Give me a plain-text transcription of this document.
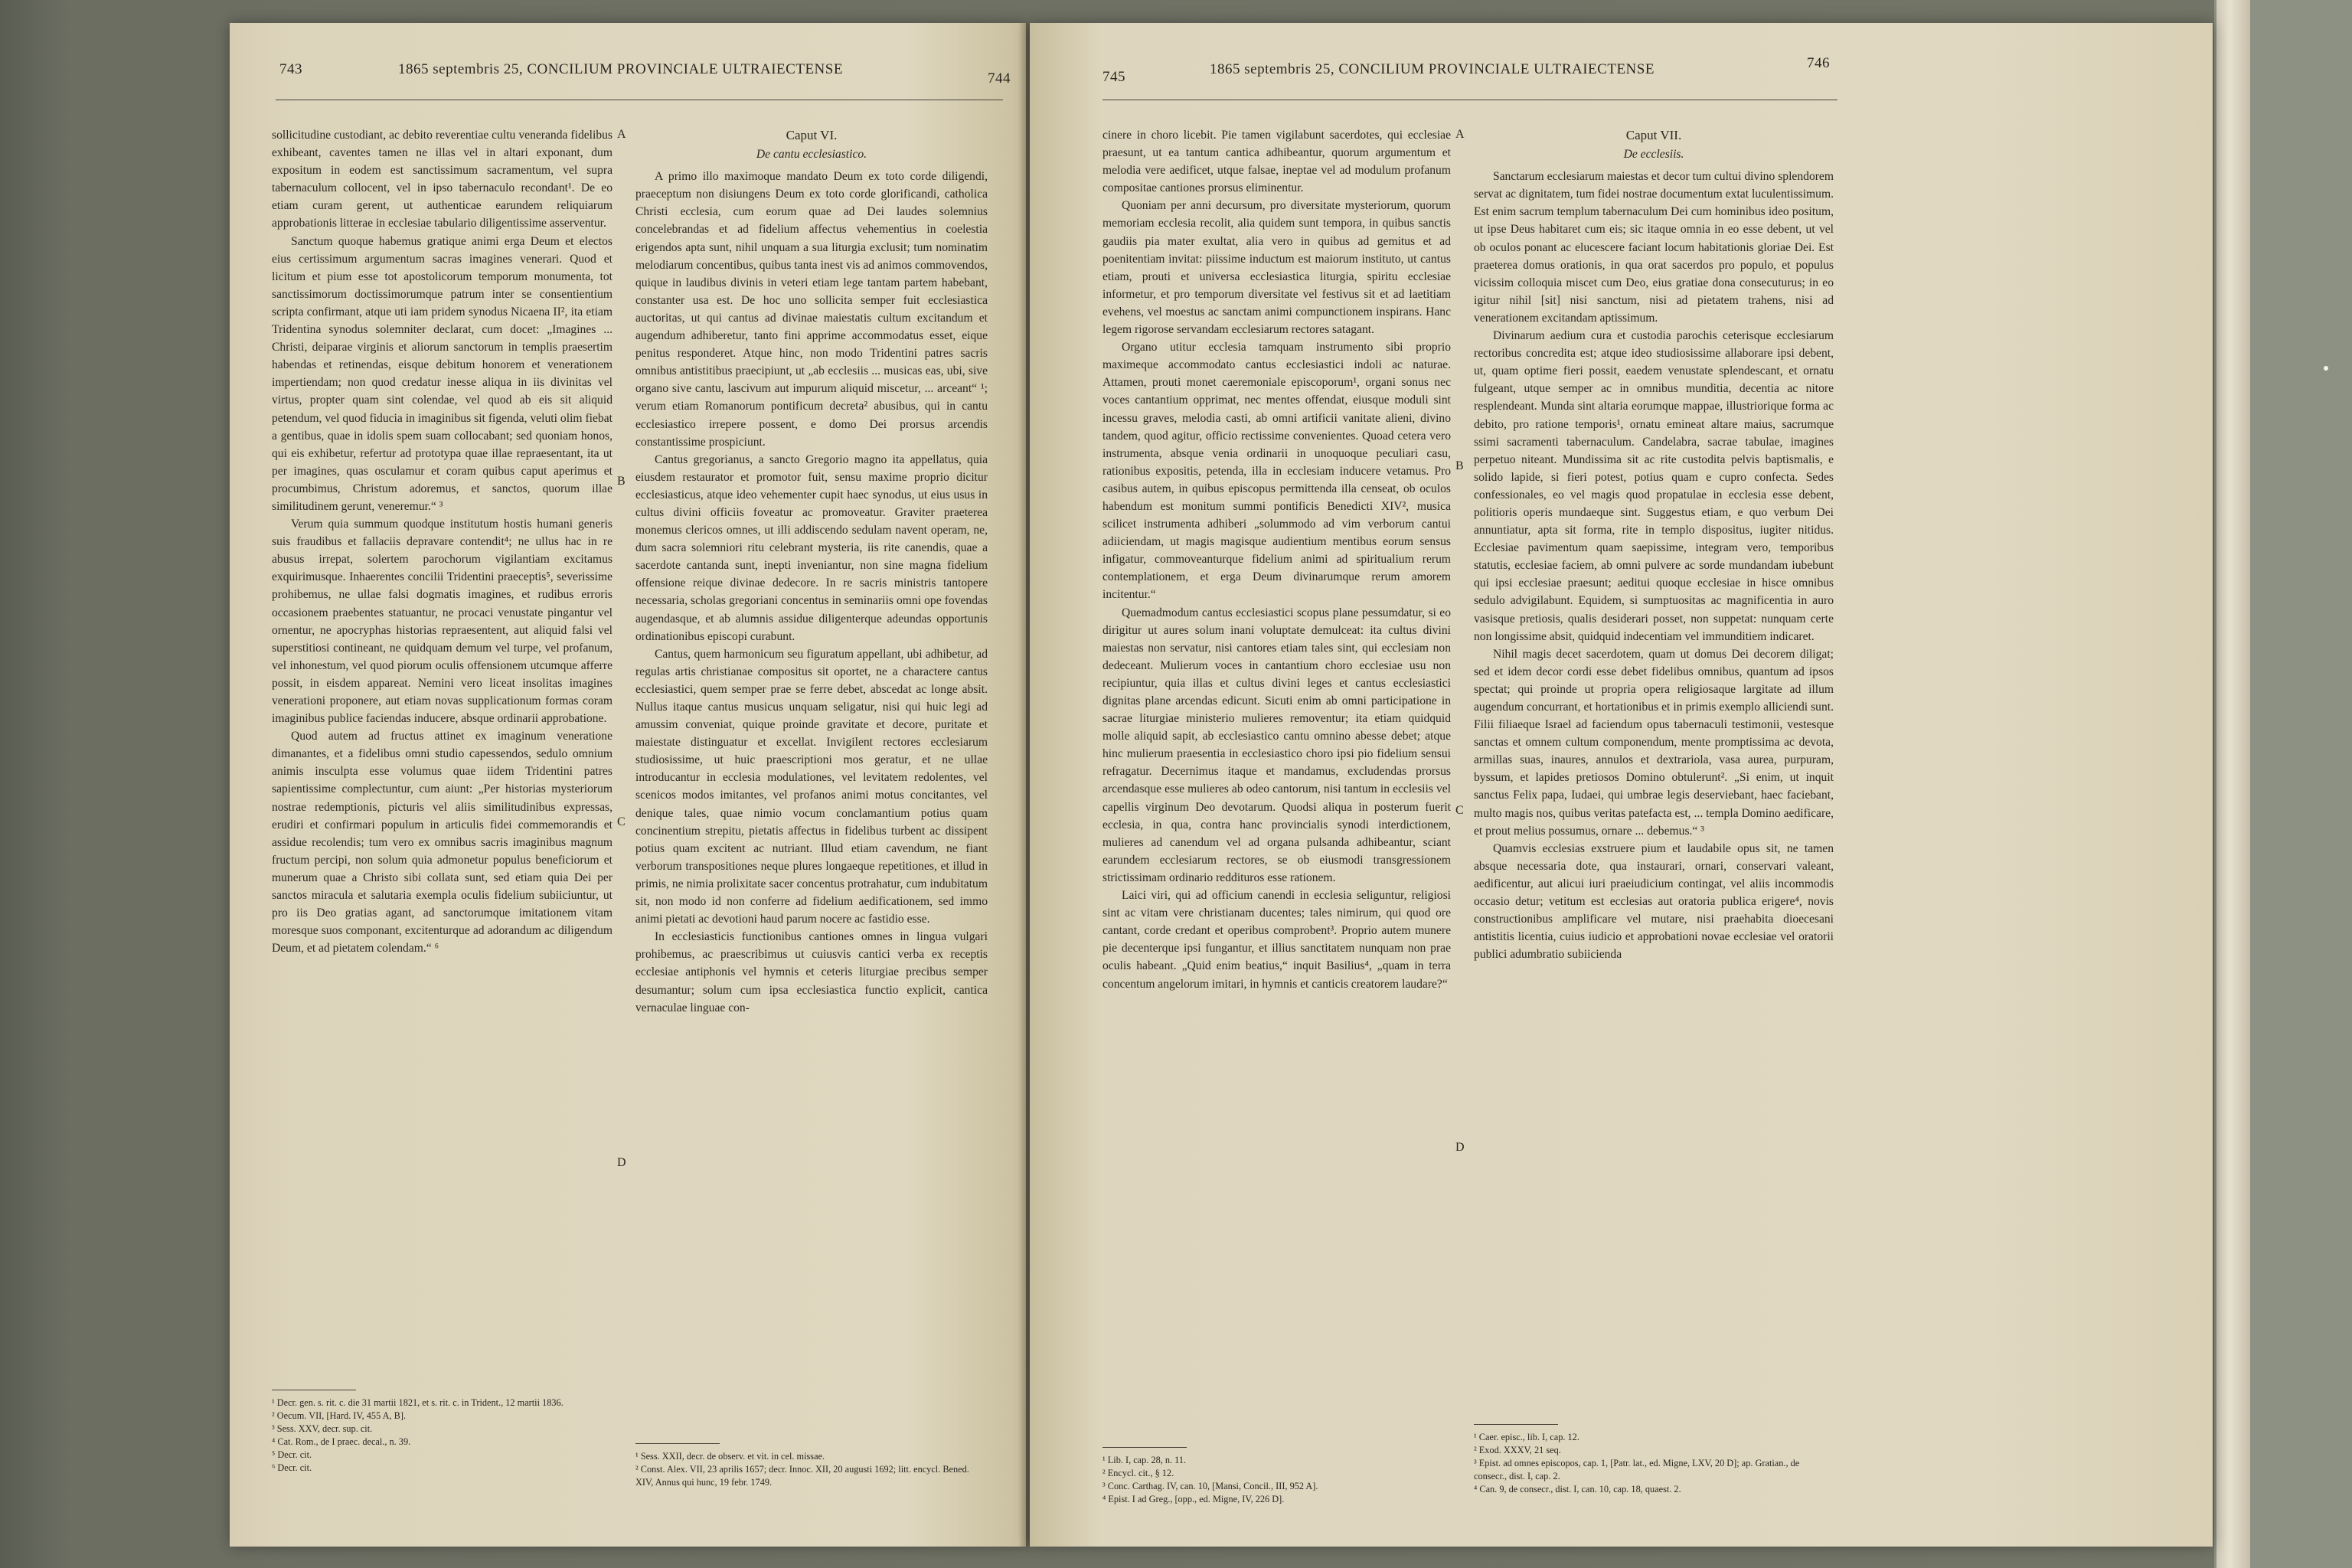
743	1865 septembris 25, CONCILIUM PROVINCIALE ULTRAIECTENSE
744

sollicitudine custodiant, ac debito reverentiae cultu veneranda fidelibus exhibeant, caventes tamen ne illas vel in altari exponant, dum expositum in eodem est sanctissimum sacramentum, vel supra tabernaculum collocent, vel in ipso tabernaculo recondant¹. De eo etiam curam gerent, ut authenticae earundem reliquiarum approbationis litterae in ecclesiae tabulario diligentissime asserventur.

Sanctum quoque habemus gratique animi erga Deum et electos eius certissimum argumentum sacras imagines venerari. Quod et licitum et pium esse tot apostolicorum temporum monumenta, tot sanctissimorum doctissimorumque patrum inter se consentientium scripta confirmant, atque uti iam pridem synodus Nicaena II², ita etiam Tridentina synodus solemniter declarat, cum docet: „Imagines ... Christi, deiparae virginis et aliorum sanctorum in templis praesertim habendas et retinendas, eisque debitum honorem et venerationem impertiendam; non quod credatur inesse aliqua in iis divinitas vel virtus, propter quam sint colendae, vel quod ab eis sit aliquid petendum, vel quod fiducia in imaginibus sit figenda, veluti olim fiebat a gentibus, quae in idolis spem suam collocabant; sed quoniam honos, qui eis exhibetur, refertur ad prototypa quae illae repraesentant, ita ut per imagines, quas osculamur et coram quibus caput aperimus et procumbimus, Christum adoremus, et sanctos, quorum illae similitudinem gerunt, veneremur.“ ³

Verum quia summum quodque institutum hostis humani generis suis fraudibus et fallaciis depravare contendit⁴; ne ullus hac in re abusus irrepat, solertem parochorum vigilantiam excitamus exquirimusque. Inhaerentes concilii Tridentini praeceptis⁵, severissime prohibemus, ne ullae falsi dogmatis imagines, et rudibus erroris occasionem praebentes statuantur, ne procaci venustate pingantur vel ornentur, ne apocryphas historias repraesentent, aut aliquid falsi vel superstitiosi contineant, ne quidquam demum vel turpe, vel profanum, vel inhonestum, vel quod piorum oculis offensionem utcumque afferre possit, in eisdem appareat. Nemini vero liceat insolitas imagines venerationi proponere, aut etiam novas supplicationum formas coram imaginibus publice faciendas inducere, absque ordinarii approbatione.

Quod autem ad fructus attinet ex imaginum veneratione dimanantes, et a fidelibus omni studio capessendos, sedulo omnium animis insculpta esse volumus quae iidem Tridentini patres sapientissime complectuntur, cum aiunt: „Per historias mysteriorum nostrae redemptionis, picturis vel aliis similitudinibus expressas, erudiri et confirmari populum in articulis fidei commemorandis et assidue recolendis; tum vero ex omnibus sacris imaginibus magnum fructum percipi, non solum quia admonetur populus beneficiorum et munerum quae a Christo sibi collata sunt, sed etiam quia Dei per sanctos miracula et salutaria exempla oculis fidelium subiiciuntur, ut pro iis Deo gratias agant, ad sanctorumque imitationem vitam moresque suos componant, excitenturque ad adorandum ac diligendum Deum, et ad pietatem colendam.“ ⁶

¹ Decr. gen. s. rit. c. die 31 martii 1821, et s. rit. c. in Trident., 12 martii 1836.
² Oecum. VII, [Hard. IV, 455 A, B].
³ Sess. XXV, decr. sup. cit.
⁴ Cat. Rom., de I praec. decal., n. 39.
⁵ Decr. cit.
⁶ Decr. cit.
A
B
C
D

Caput VI.

De cantu ecclesiastico.

A primo illo maximoque mandato Deum ex toto corde diligendi, praeceptum non disiungens Deum ex toto corde glorificandi, catholica Christi ecclesia, cum eorum quae ad Dei laudes solemnius concelebrandas et ad fidelium affectus vehementius in coelestia erigendos apta sunt, nihil unquam a sua liturgia exclusit; tum nominatim melodiarum concentibus, quibus tanta inest vis ad animos commovendos, quique in laudibus divinis in veteri etiam lege tantam partem habebant, constanter usa est. De hoc uno sollicita semper fuit ecclesiastica auctoritas, ut qui cantus ad divinae maiestatis cultum excitandum et augendum adhiberetur, tanto fini apprime accommodatus esset, eique penitus responderet. Atque hinc, non modo Tridentini patres sacris omnibus antistitibus praecipiunt, ut „ab ecclesiis ... musicas eas, ubi, sive organo sive cantu, lascivum aut impurum aliquid miscetur, ... arceant“ ¹; verum etiam Romanorum pontificum decreta² abusibus, qui in cantu ecclesiastico irrepere possent, e domo Dei prorsus arcendis constantissime prospiciunt.

Cantus gregorianus, a sancto Gregorio magno ita appellatus, quia eiusdem restaurator et promotor fuit, sensu maxime proprio dicitur ecclesiasticus, atque ideo vehementer cupit haec synodus, ut eius usus in cultus divini officiis foveatur ac promoveatur. Graviter praeterea monemus clericos omnes, ut illi addiscendo sedulam navent operam, ne, dum sacra solemniori ritu celebrant mysteria, iis rite canendis, quae a sacerdote cantanda sunt, inepti inveniantur, non sine magna fidelium offensione reique divinae dedecore. In re sacris ministris tantopere necessaria, scholas gregoriani concentus in seminariis omni ope fovendas augendasque, et ab alumnis assidue diligenterque adeundas opportunis ordinationibus episcopi curabunt.

Cantus, quem harmonicum seu figuratum appellant, ubi adhibetur, ad regulas artis christianae compositus sit oportet, ne a charactere cantus ecclesiastici, quem semper prae se ferre debet, abscedat ac longe absit. Nullus itaque cantus musicus unquam seligatur, nisi qui huic legi ad amussim conveniat, quique proinde gravitate et decore, puritate et maiestate distinguatur et excellat. Invigilent rectores ecclesiarum studiosissime, ut huic praescriptioni mos geratur, et ne ullae introducantur in ecclesia modulationes, vel levitatem redolentes, vel scenicos modos imitantes, vel profanos animi motus concitantes, vel denique tales, quae nimio vocum conclamantium potius quam concinentium strepitu, pietatis affectus in fidelibus turbent ac dissipent potius quam excitent ac nutriant. Illud etiam cavendum, ne fiant verborum transpositiones neque plures longaeque repetitiones, et illud in primis, ne nimia prolixitate sacer concentus protrahatur, cum indubitatum sit, non modo id non conferre ad fidelium aedificationem, sed immo animi pietati ac devotioni haud parum nocere ac fastidio esse.

In ecclesiasticis functionibus cantiones omnes in lingua vulgari prohibemus, ac praescribimus ut cuiusvis cantici verba ex receptis ecclesiae antiphonis vel hymnis et ceteris liturgiae precibus semper desumantur; solum cum ipsa ecclesiastica functio explicit, cantica vernaculae linguae con-

¹ Sess. XXII, decr. de observ. et vit. in cel. missae.
² Const. Alex. VII, 23 aprilis 1657; decr. Innoc. XII, 20 augusti 1692; litt. encycl. Bened. XIV, Annus qui hunc, 19 febr. 1749.
745	1865 septembris 25, CONCILIUM PROVINCIALE ULTRAIECTENSE	746

cinere in choro licebit. Pie tamen vigilabunt sacerdotes, qui ecclesiae praesunt, ut ea tantum cantica adhibeantur, quorum argumentum et melodia vere aedificet, utque falsae, ineptae vel ad modulum profanum compositae cantiones prorsus eliminentur.

Quoniam per anni decursum, pro diversitate mysteriorum, quorum memoriam ecclesia recolit, alia quidem sunt tempora, in quibus sanctis gaudiis pia mater exultat, alia vero in quibus ad gemitus et ad poenitentiam invitat: piissime inductum est maiorum instituto, ut cantus etiam, prouti et universa ecclesiastica liturgia, spiritu ecclesiae informetur, et pro temporum diversitate vel festivus sit et ad laetitiam evehens, vel moestus ac sanctam animi compunctionem inspirans. Hanc legem rigorose servandam ecclesiarum rectores satagant.

Organo utitur ecclesia tamquam instrumento sibi proprio maximeque accommodato cantus ecclesiastici indoli ac naturae. Attamen, prouti monet caeremoniale episcoporum¹, organi sonus nec voces cantantium opprimat, nec mentes offendat, eiusque moduli sint incessu graves, melodia casti, ab omni artificii vanitate alieni, divino tandem, quod agitur, officio rectissime convenientes. Quoad cetera vero instrumenta, absque venia ordinarii in unoquoque peculiari casu, rationibus expositis, petenda, illa in ecclesiam inducere vetamus. Pro casibus autem, in quibus episcopus permittenda illa censeat, ob oculos habendum est monitum summi pontificis Benedicti XIV², musica scilicet instrumenta adhiberi „solummodo ad vim verborum cantui adiiciendam, ut magis magisque audientium mentibus eorum sensus infigatur, commoveanturque fidelium animi ad spiritualium rerum contemplationem, et erga Deum divinarumque rerum amorem incitentur.“

Quemadmodum cantus ecclesiastici scopus plane pessumdatur, si eo dirigitur ut aures solum inani voluptate demulceat: ita cultus divini maiestas non servatur, nisi cantores etiam tales sint, qui ecclesiam non dedeceant. Mulierum voces in cantantium choro ecclesiae usu non recipiuntur, quia illas et cultus divini leges et cantus ecclesiastici dignitas plane arcendas edicunt. Sicuti enim ab omni participatione in sacrae liturgiae ministerio mulieres removentur; ita etiam quidquid molle aliquid sapit, ab ecclesiastico cantu omnino abesse debet; atque hinc mulierum praesentia in ecclesiastico choro ipsi pio fidelium sensui refragatur. Decernimus itaque et mandamus, excludendas prorsus arcendasque esse mulieres ab odeo cantorum, nisi tantum in ecclesiis vel capellis virginum Deo devotarum. Quodsi aliqua in posterum fuerit ecclesia, in qua, contra hanc provincialis synodi interdictionem, mulieres ad canendum vel ad organa pulsanda adhibeantur, sciant earundem ecclesiarum rectores, se ob eiusmodi transgressionem strictissimam ordinario reddituros esse rationem.

Laici viri, qui ad officium canendi in ecclesia seliguntur, religiosi sint ac vitam vere christianam ducentes; tales nimirum, qui quod ore cantant, corde credant et operibus comprobent³. Proprio autem munere pie decenterque ipsi fungantur, et illius sanctitatem nunquam non prae oculis habeant. „Quid enim beatius,“ inquit Basilius⁴, „quam in terra concentum angelorum imitari, in hymnis et canticis creatorem laudare?“

¹ Lib. I, cap. 28, n. 11.
² Encycl. cit., § 12.
³ Conc. Carthag. IV, can. 10, [Mansi, Concil., III, 952 A].
⁴ Epist. I ad Greg., [opp., ed. Migne, IV, 226 D].
A
B
C
D

Caput VII.

De ecclesiis.

Sanctarum ecclesiarum maiestas et decor tum cultui divino splendorem servat ac dignitatem, tum fidei nostrae documentum extat luculentissimum. Est enim sacrum templum tabernaculum Dei cum hominibus ideo positum, ut ipse Deus habitaret cum eis; sic itaque omnia in eo esse debent, ut vel ob oculos ponant ac elucescere faciant locum habitationis gloriae Dei. Est praeterea domus orationis, in qua orat sacerdos pro populo, et populus vicissim colloquia miscet cum Deo, eius gratiae dona consecuturus; in eo igitur nihil [sit] nisi sanctum, nisi ad pietatem trahens, nisi ad venerationem excitandam aptissimum.

Divinarum aedium cura et custodia parochis ceterisque ecclesiarum rectoribus concredita est; atque ideo studiosissime allaborare ipsi debent, ut, quam optime fieri possit, eaedem venustate splendescant, et ornatu fulgeant, utque semper ac in omnibus munditia, decentia ac nitore resplendeant. Munda sint altaria eorumque mappae, illustriorique forma ac debito, pro ratione temporis¹, ornatu emineat altare maius, sacrumque ssimi sacramenti tabernaculum. Candelabra, sacrae tabulae, imagines perpetuo niteant. Mundissima sit ac rite custodita pelvis baptismalis, e solido lapide, si fieri potest, potius quam e cupro confecta. Sedes confessionales, eo vel magis quod propatulae in ecclesia esse debent, politioris operis mundaeque sint. Suggestus etiam, e quo verbum Dei annuntiatur, apta sit forma, rite in templo dispositus, iugiter nitidus. Ecclesiae pavimentum quam saepissime, integram vero, temporibus statutis, ecclesiae faciem, ab omni pulvere ac sorde mundandam iubebunt qui ipsi ecclesiae praesunt; aeditui quoque ecclesiae in hisce omnibus sedulo advigilabunt. Equidem, si sumptuositas ac magnificentia in auro vasisque pretiosis, qualis desiderari posset, non suppetat: nunquam certe non longissime absit, quidquid indecentiam vel immunditiem indicaret.

Nihil magis decet sacerdotem, quam ut domus Dei decorem diligat; sed et idem decor cordi esse debet fidelibus omnibus, quantum ad ipsos spectat; qui proinde ut propria opera religiosaque largitate ad illum augendum concurrant, et hortationibus et in primis exemplo alliciendi sunt. Filii filiaeque Israel ad faciendum opus tabernaculi testimonii, vestesque sanctas et omnem cultum componendum, mente promptissima ac devota, armillas suas, inaures, annulos et dextrariola, vasa aurea, purpuram, byssum, et lapides pretiosos Domino obtulerunt². „Si enim, ut inquit sanctus Felix papa, Iudaei, qui umbrae legis deserviebant, haec faciebant, multo magis nos, quibus veritas patefacta est, ... templa Domino aedificare, et prout melius possumus, ornare ... debemus.“ ³

Quamvis ecclesias exstruere pium et laudabile opus sit, ne tamen absque necessaria dote, qua instaurari, ornari, conservari valeant, aedificentur, aut alicui iuri praeiudicium contingat, vel aliis incommodis occasio detur; vetitum est ecclesias aut oratoria publica erigere⁴, novis constructionibus amplificare vel mutare, nisi praehabita dioecesani antistitis licentia, cuius iudicio et approbationi novae ecclesiae vel oratorii publici adumbratio subiicienda

¹ Caer. episc., lib. I, cap. 12.
² Exod. XXXV, 21 seq.
³ Epist. ad omnes episcopos, cap. 1, [Patr. lat., ed. Migne, LXV, 20 D]; ap. Gratian., de consecr., dist. I, cap. 2.
⁴ Can. 9, de consecr., dist. I, can. 10, cap. 18, quaest. 2.
